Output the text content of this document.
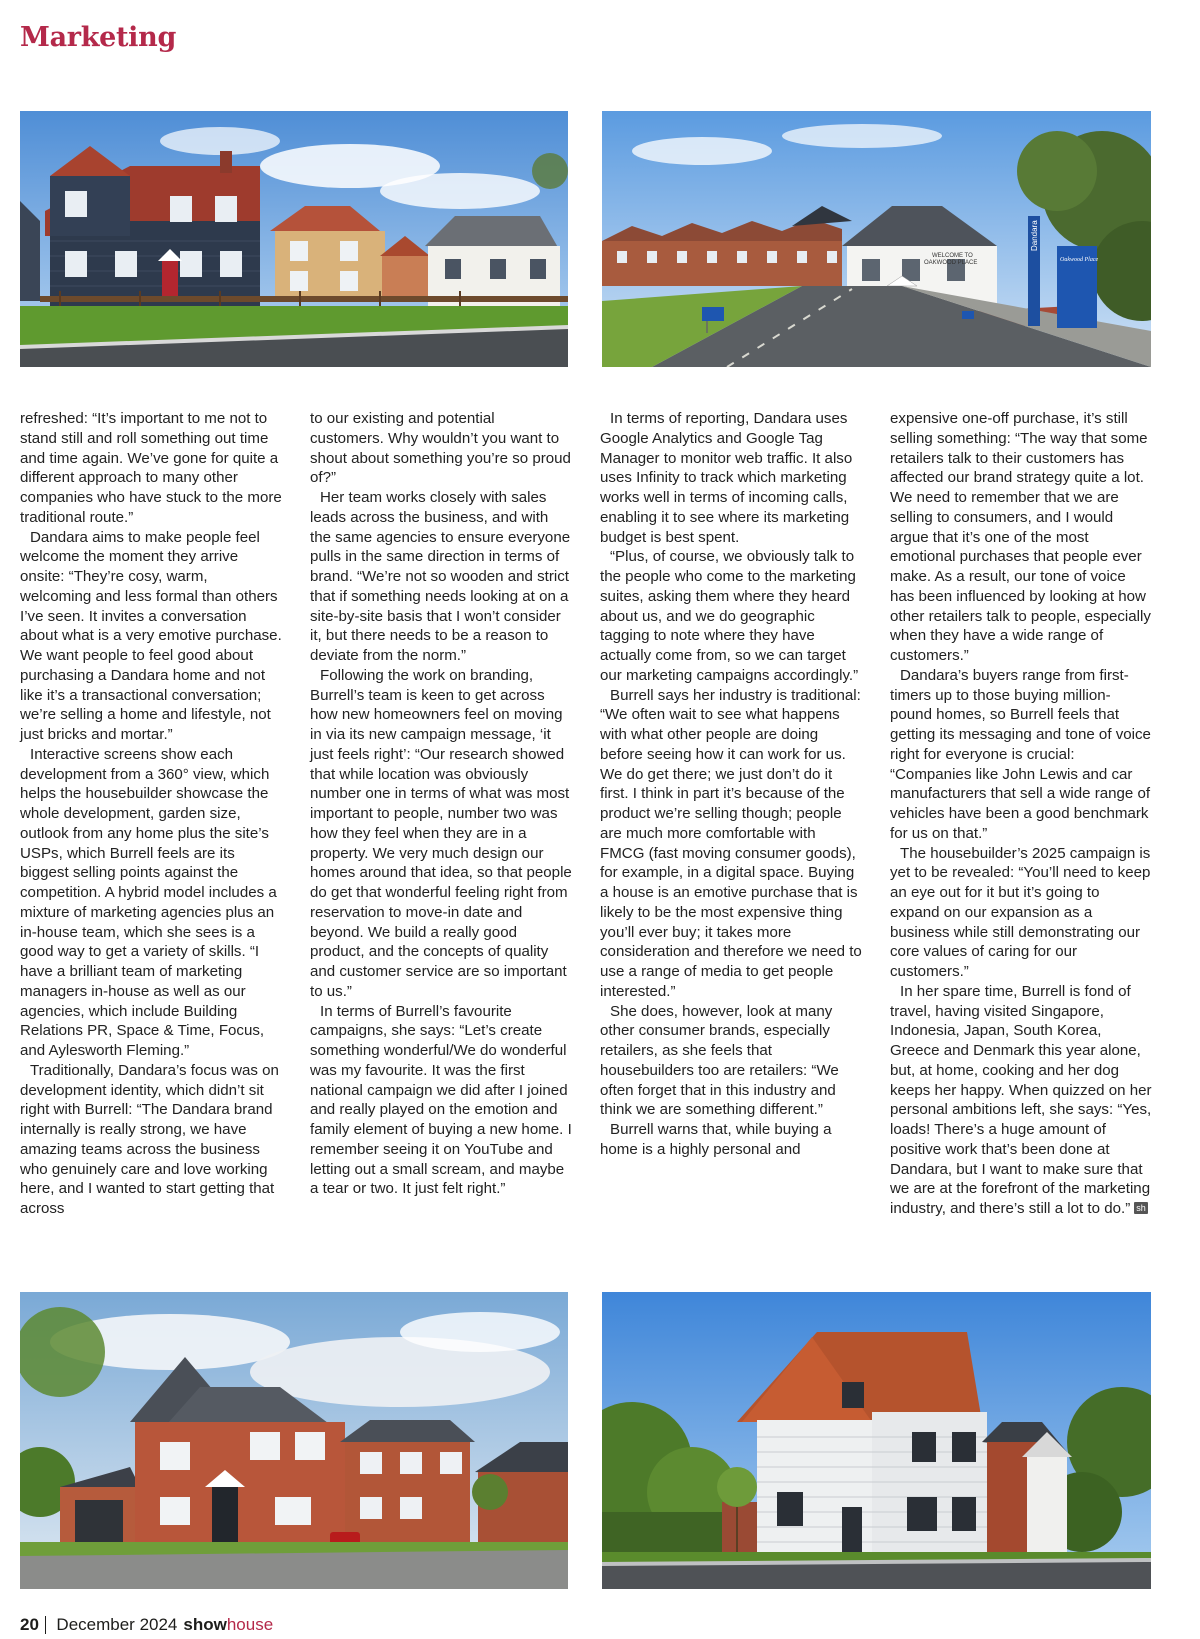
Marketing
WELCOME TO
OAKWOOD PLACE
Dandara
Oakwood Place

refreshed: “It’s important to me not to stand still and roll something out time and time again. We’ve gone for quite a different approach to many other companies who have stuck to the more traditional route.”

Dandara aims to make people feel welcome the moment they arrive onsite: “They’re cosy, warm, welcoming and less formal than others I’ve seen. It invites a conversation about what is a very emotive purchase. We want people to feel good about purchasing a Dandara home and not like it’s a transactional conversation; we’re selling a home and lifestyle, not just bricks and mortar.”

Interactive screens show each development from a 360° view, which helps the housebuilder showcase the whole development, garden size, outlook from any home plus the site’s USPs, which Burrell feels are its biggest selling points against the competition. A hybrid model includes a mixture of marketing agencies plus an in-house team, which she sees is a good way to get a variety of skills. “I have a brilliant team of marketing managers in-house as well as our agencies, which include Building Relations PR, Space & Time, Focus, and Aylesworth Fleming.”

Traditionally, Dandara’s focus was on development identity, which didn’t sit right with Burrell: “The Dandara brand internally is really strong, we have amazing teams across the business who genuinely care and love working here, and I wanted to start getting that across

to our existing and potential customers. Why wouldn’t you want to shout about something you’re so proud of?”

Her team works closely with sales leads across the business, and with the same agencies to ensure everyone pulls in the same direction in terms of brand. “We’re not so wooden and strict that if something needs looking at on a site-by-site basis that I won’t consider it, but there needs to be a reason to deviate from the norm.”

Following the work on branding, Burrell’s team is keen to get across how new homeowners feel on moving in via its new campaign message, ‘it just feels right’: “Our research showed that while location was obviously number one in terms of what was most important to people, number two was how they feel when they are in a property. We very much design our homes around that idea, so that people do get that wonderful feeling right from reservation to move-in date and beyond. We build a really good product, and the concepts of quality and customer service are so important to us.”

In terms of Burrell’s favourite campaigns, she says: “Let’s create something wonderful/We do wonderful was my favourite. It was the first national campaign we did after I joined and really played on the emotion and family element of buying a new home. I remember seeing it on YouTube and letting out a small scream, and maybe a tear or two. It just felt right.”

In terms of reporting, Dandara uses Google Analytics and Google Tag Manager to monitor web traffic. It also uses Infinity to track which marketing works well in terms of incoming calls, enabling it to see where its marketing budget is best spent.

“Plus, of course, we obviously talk to the people who come to the marketing suites, asking them where they heard about us, and we do geographic tagging to note where they have actually come from, so we can target our marketing campaigns accordingly.”

Burrell says her industry is traditional: “We often wait to see what happens with what other people are doing before seeing how it can work for us. We do get there; we just don’t do it first. I think in part it’s because of the product we’re selling though; people are much more comfortable with FMCG (fast moving consumer goods), for example, in a digital space. Buying a house is an emotive purchase that is likely to be the most expensive thing you’ll ever buy; it takes more consideration and therefore we need to use a range of media to get people interested.”

She does, however, look at many other consumer brands, especially retailers, as she feels that housebuilders too are retailers: “We often forget that in this industry and think we are something different.”

Burrell warns that, while buying a home is a highly personal and

expensive one-off purchase, it’s still selling something: “The way that some retailers talk to their customers has affected our brand strategy quite a lot. We need to remember that we are selling to consumers, and I would argue that it’s one of the most emotional purchases that people ever make. As a result, our tone of voice has been influenced by looking at how other retailers talk to people, especially when they have a wide range of customers.”

Dandara’s buyers range from first-timers up to those buying million-pound homes, so Burrell feels that getting its messaging and tone of voice right for everyone is crucial: “Companies like John Lewis and car manufacturers that sell a wide range of vehicles have been a good benchmark for us on that.”

The housebuilder’s 2025 campaign is yet to be revealed: “You’ll need to keep an eye out for it but it’s going to expand on our expansion as a business while still demonstrating our core values of caring for our customers.”

In her spare time, Burrell is fond of travel, having visited Singapore, Indonesia, Japan, South Korea, Greece and Denmark this year alone, but, at home, cooking and her dog keeps her happy. When quizzed on her personal ambitions left, she says: “Yes, loads! There’s a huge amount of positive work that’s been done at Dandara, but I want to make sure that we are at the forefront of the marketing industry, and there’s still a lot to do.” sh

20 December 2024 show house
